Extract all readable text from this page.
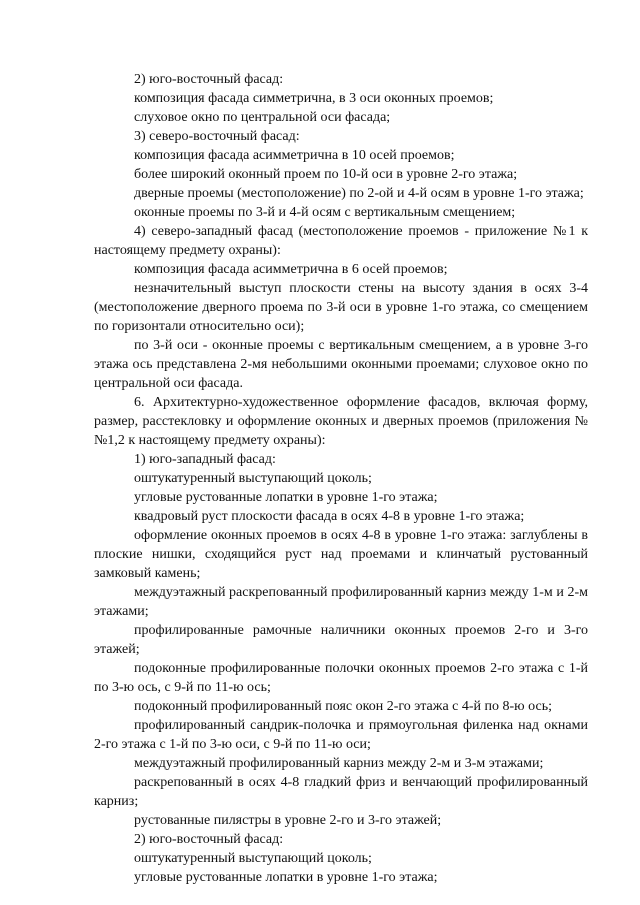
2) юго-восточный фасад:

композиция фасада симметрична, в 3 оси оконных проемов;

слуховое окно по центральной оси фасада;

3) северо-восточный фасад:

композиция фасада асимметрична в 10 осей проемов;

более широкий оконный проем по 10-й оси в уровне 2-го этажа;

дверные проемы (местоположение) по 2-ой и 4-й осям в уровне 1-го этажа;

оконные проемы по 3-й и 4-й осям с вертикальным смещением;

4) северо-западный фасад (местоположение проемов - приложение №1 к настоящему предмету охраны):

композиция фасада асимметрична в 6 осей проемов;

незначительный выступ плоскости стены на высоту здания в осях 3-4 (местоположение дверного проема по 3-й оси в уровне 1-го этажа, со смещением по горизонтали относительно оси);

по 3-й оси - оконные проемы с вертикальным смещением, а в уровне 3-го этажа ось представлена 2-мя небольшими оконными проемами; слуховое окно по центральной оси фасада.

6. Архитектурно-художественное оформление фасадов, включая форму, размер, расстекловку и оформление оконных и дверных проемов (приложения №№1,2 к настоящему предмету охраны):

1) юго-западный фасад:

оштукатуренный выступающий цоколь;

угловые рустованные лопатки в уровне 1-го этажа;

квадровый руст плоскости фасада в осях 4-8 в уровне 1-го этажа;

оформление оконных проемов в осях 4-8 в уровне 1-го этажа: заглублены в плоские нишки, сходящийся руст над проемами и клинчатый рустованный замковый камень;

междуэтажный раскрепованный профилированный карниз между 1-м и 2-м этажами;

профилированные рамочные наличники оконных проемов 2-го и 3-го этажей;

подоконные профилированные полочки оконных проемов 2-го этажа с 1-й по 3-ю ось, с 9-й по 11-ю ось;

подоконный профилированный пояс окон 2-го этажа с 4-й по 8-ю ось;

профилированный сандрик-полочка и прямоугольная филенка над окнами 2-го этажа с 1-й по 3-ю оси, с 9-й по 11-ю оси;

междуэтажный профилированный карниз между 2-м и 3-м этажами;

раскрепованный в осях 4-8 гладкий фриз и венчающий профилированный карниз;

рустованные пилястры в уровне 2-го и 3-го этажей;

2) юго-восточный фасад:

оштукатуренный выступающий цоколь;

угловые рустованные лопатки в уровне 1-го этажа;
